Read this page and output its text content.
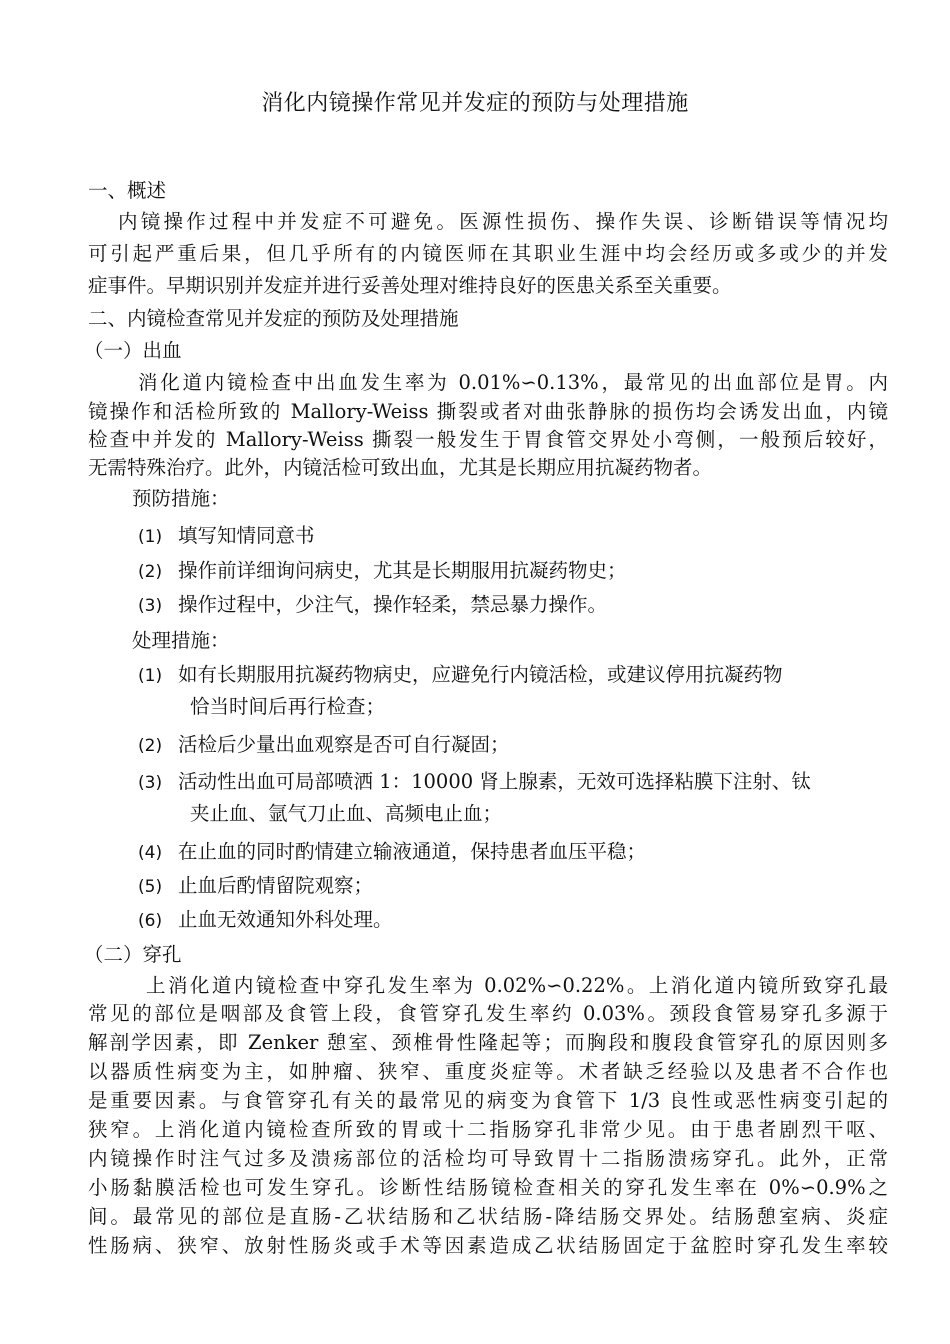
消化内镜操作常见并发症的预防与处理措施
一、概述
内镜操作过程中并发症不可避免。医源性损伤、操作失误、诊断错误等情况均
可引起严重后果，但几乎所有的内镜医师在其职业生涯中均会经历或多或少的并发
症事件。早期识别并发症并进行妥善处理对维持良好的医患关系至关重要。
二、内镜检查常见并发症的预防及处理措施
（一）出血
消化道内镜检查中出血发生率为 0.01%∽0.13%，最常见的出血部位是胃。内
镜操作和活检所致的 Mallory-Weiss 撕裂或者对曲张静脉的损伤均会诱发出血，内镜
检查中并发的 Mallory-Weiss 撕裂一般发生于胃食管交界处小弯侧，一般预后较好，
无需特殊治疗。此外，内镜活检可致出血，尤其是长期应用抗凝药物者。
预防措施：
(1) 填写知情同意书
(2) 操作前详细询问病史，尤其是长期服用抗凝药物史；
(3) 操作过程中，少注气，操作轻柔，禁忌暴力操作。
处理措施：
(1) 如有长期服用抗凝药物病史，应避免行内镜活检，或建议停用抗凝药物
恰当时间后再行检查；
(2) 活检后少量出血观察是否可自行凝固；
(3) 活动性出血可局部喷洒 1：10000 肾上腺素，无效可选择粘膜下注射、钛
夹止血、氩气刀止血、高频电止血；
(4) 在止血的同时酌情建立输液通道，保持患者血压平稳；
(5) 止血后酌情留院观察；
(6) 止血无效通知外科处理。
（二）穿孔
上消化道内镜检查中穿孔发生率为 0.02%∽0.22%。上消化道内镜所致穿孔最
常见的部位是咽部及食管上段，食管穿孔发生率约 0.03%。颈段食管易穿孔多源于
解剖学因素，即 Zenker 憩室、颈椎骨性隆起等；而胸段和腹段食管穿孔的原因则多
以器质性病变为主，如肿瘤、狭窄、重度炎症等。术者缺乏经验以及患者不合作也
是重要因素。与食管穿孔有关的最常见的病变为食管下 1/3 良性或恶性病变引起的
狭窄。上消化道内镜检查所致的胃或十二指肠穿孔非常少见。由于患者剧烈干呕、
内镜操作时注气过多及溃疡部位的活检均可导致胃十二指肠溃疡穿孔。此外，正常
小肠黏膜活检也可发生穿孔。诊断性结肠镜检查相关的穿孔发生率在 0%∽0.9%之
间。最常见的部位是直肠-乙状结肠和乙状结肠-降结肠交界处。结肠憩室病、炎症
性肠病、狭窄、放射性肠炎或手术等因素造成乙状结肠固定于盆腔时穿孔发生率较
